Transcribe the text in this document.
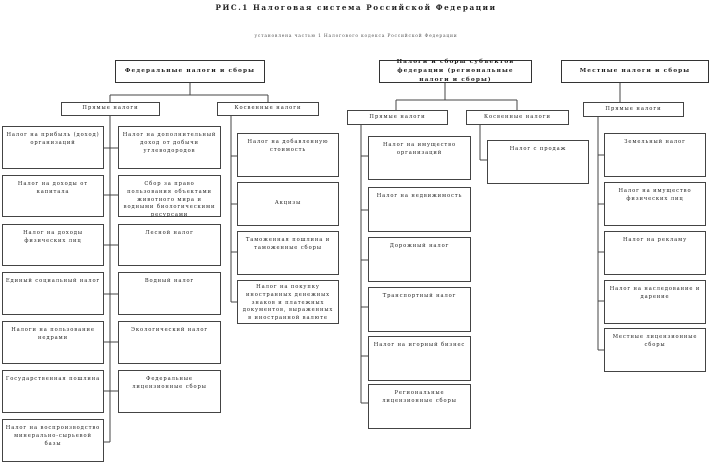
РИС.1 Налоговая система Российской Федерации
установлена частью 1 Налогового кодекса Российской Федерации
Федеральные налоги и сборы
Прямые налоги	Косвенные налоги
Налог на прибыль (доход) организаций
Налог на доходы от капитала
Налог на доходы физических лиц
Единый социальный налог
Налоги на пользование недрами
Государственная пошлина
Налог на воспроизводство минерально-сырьевой базы
Налог на дополнительный доход от добычи углеводородов
Сбор за право пользования объектами животного мира и водными биологическими ресурсами
Лесной налог
Водный налог
Экологический налог
Федеральные лицензионные сборы
Налог на добавленную стоимость
Акцизы
Таможенная пошлина и таможенные сборы
Налог на покупку иностранных денежных знаков и платежных документов, выраженных в иностранной валюте
Налоги и сборы субъектов федерации (региональные налоги и сборы)
Прямые налоги	Косвенные налоги
Налог на имущество организаций
Налог на недвижимость
Дорожный налог
Транспортный налог
Налог на игорный бизнес
Региональные лицензионные сборы
Налог с продаж
Местные налоги и сборы
Прямые налоги
Земельный налог
Налог на имущество физических лиц
Налог на рекламу
Налог на наследование и дарение
Местные лицензионные сборы
